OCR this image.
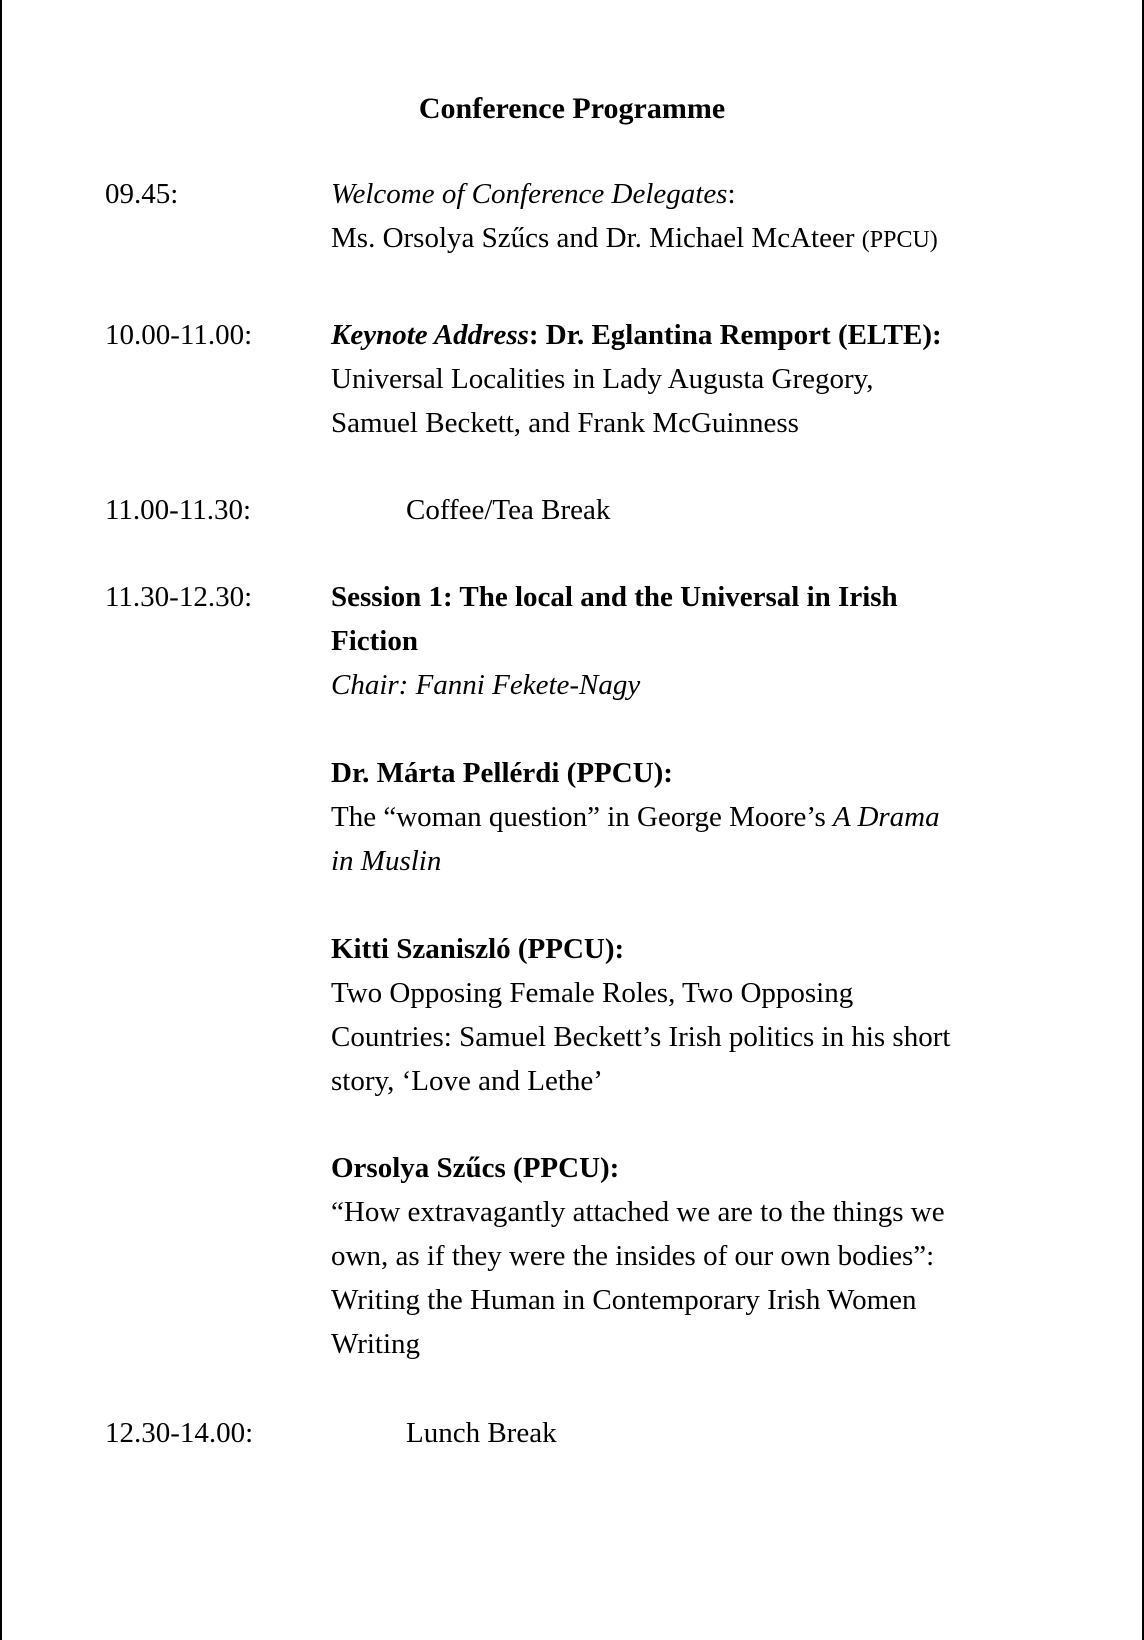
Conference Programme
09.45:	Welcome of Conference Delegates:
Ms. Orsolya Szűcs and Dr. Michael McAteer (PPCU)
10.00-11.00:	Keynote Address: Dr. Eglantina Remport (ELTE):
Universal Localities in Lady Augusta Gregory,
Samuel Beckett, and Frank McGuinness
11.00-11.30:	Coffee/Tea Break
11.30-12.30:	Session 1: The local and the Universal in Irish
Fiction
Chair: Fanni Fekete-Nagy
Dr. Márta Pellérdi (PPCU):
The “woman question” in George Moore’s A Drama
in Muslin
Kitti Szaniszló (PPCU):
Two Opposing Female Roles, Two Opposing
Countries: Samuel Beckett’s Irish politics in his short
story, ‘Love and Lethe’
Orsolya Szűcs (PPCU):
“How extravagantly attached we are to the things we
own, as if they were the insides of our own bodies”:
Writing the Human in Contemporary Irish Women
Writing
12.30-14.00:	Lunch Break
